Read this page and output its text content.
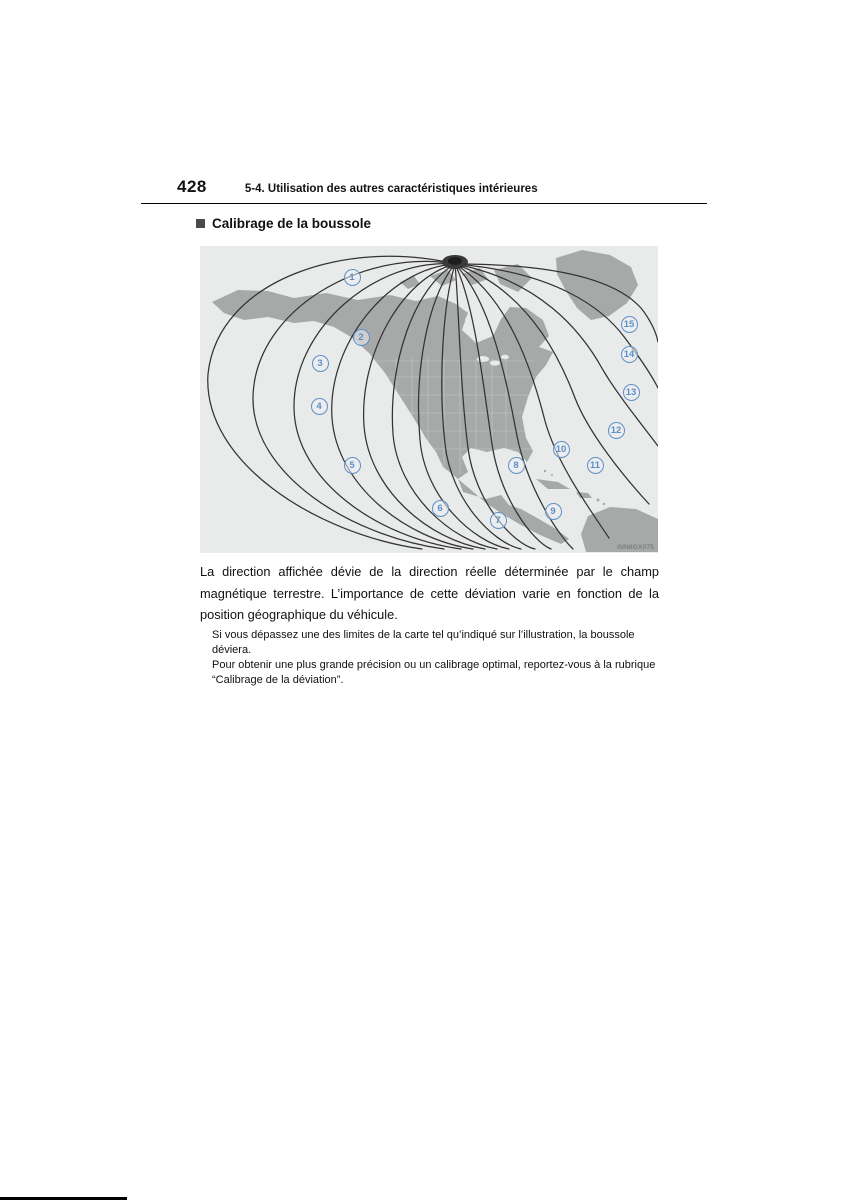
428	5-4. Utilisation des autres caractéristiques intérieures
Calibrage de la boussole
1
2
3
4
5
6
7
8
9
10
11
12
13
14
15
INN6GX075

La direction affichée dévie de la direction réelle déterminée par le champ magnétique terrestre. L’importance de cette déviation varie en fonction de la position géographique du véhicule.

Si vous dépassez une des limites de la carte tel qu’indiqué sur l’illustration, la boussole déviera.

Pour obtenir une plus grande précision ou un calibrage optimal, reportez-vous à la rubrique “Calibrage de la déviation”.
